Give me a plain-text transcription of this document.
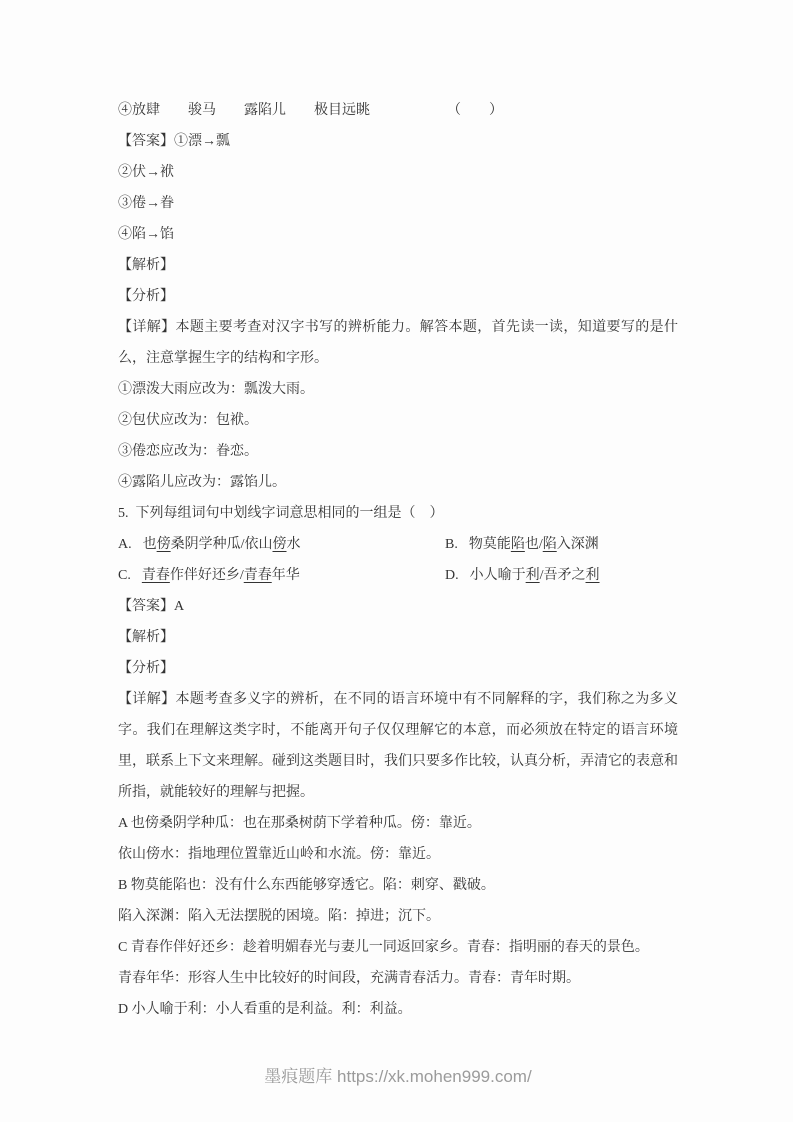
④放肆　　骏马　　露陷儿　　极目远眺　　　　　　（　　）

【答案】①漂→瓢

②伏→袱

③倦→眷

④陷→馅

【解析】

【分析】

【详解】本题主要考查对汉字书写的辨析能力。解答本题，首先读一读，知道要写的是什么，注意掌握生字的结构和字形。

①漂泼大雨应改为：瓢泼大雨。

②包伏应改为：包袱。

③倦恋应改为：眷恋。

④露陷儿应改为：露馅儿。

5.  下列每组词句中划线字词意思相同的一组是（　）

A. 也傍桑阴学种瓜/依山傍水	B. 物莫能陷也/陷入深渊
C. 青春作伴好还乡/青春年华	D. 小人喻于利/吾矛之利

【答案】A

【解析】

【分析】

【详解】本题考查多义字的辨析，在不同的语言环境中有不同解释的字，我们称之为多义字。我们在理解这类字时，不能离开句子仅仅理解它的本意，而必须放在特定的语言环境里，联系上下文来理解。碰到这类题目时，我们只要多作比较，认真分析，弄清它的表意和所指，就能较好的理解与把握。

A 也傍桑阴学种瓜：也在那桑树荫下学着种瓜。傍：靠近。

依山傍水：指地理位置靠近山岭和水流。傍：靠近。

B 物莫能陷也：没有什么东西能够穿透它。陷：刺穿、戳破。

陷入深渊：陷入无法摆脱的困境。陷：掉进；沉下。

C 青春作伴好还乡：趁着明媚春光与妻儿一同返回家乡。青春：指明丽的春天的景色。

青春年华：形容人生中比较好的时间段，充满青春活力。青春：青年时期。

D 小人喻于利：小人看重的是利益。利：利益。

墨痕题库 https://xk.mohen999.com/
